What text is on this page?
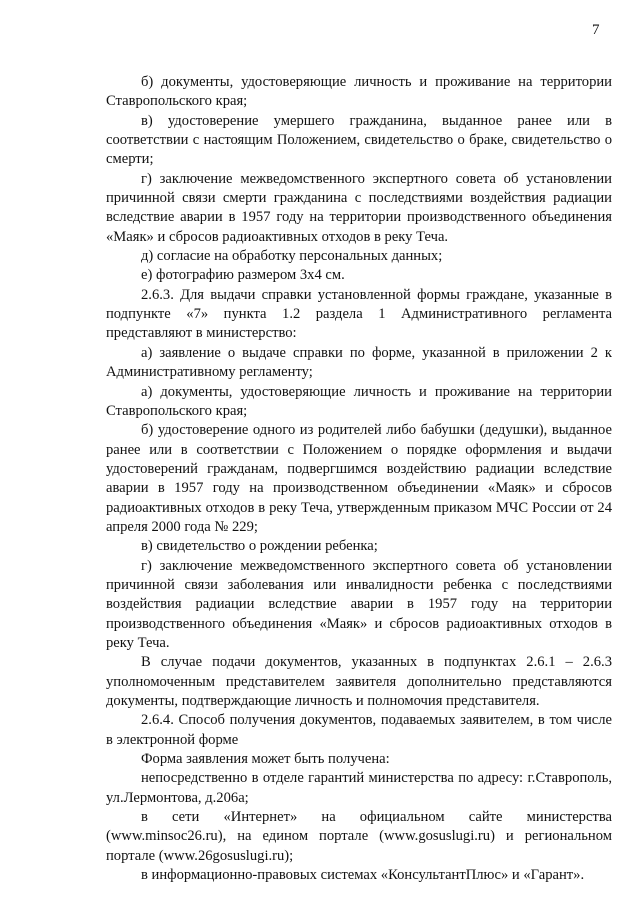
7

б) документы, удостоверяющие личность и проживание на территории Ставропольского края;

в) удостоверение умершего гражданина, выданное ранее или в соответствии с настоящим Положением, свидетельство о браке, свидетельство о смерти;

г) заключение межведомственного экспертного совета об установлении причинной связи смерти гражданина с последствиями воздействия радиации вследствие аварии в 1957 году на территории производственного объединения «Маяк» и сбросов радиоактивных отходов в реку Теча.

д) согласие на обработку персональных данных;

е) фотографию размером 3х4 см.

2.6.3. Для выдачи справки установленной формы граждане, указанные в подпункте «7» пункта 1.2 раздела 1 Административного регламента представляют в министерство:

а) заявление о выдаче справки по форме, указанной в приложении 2 к Административному регламенту;

а) документы, удостоверяющие личность и проживание на территории Ставропольского края;

б) удостоверение одного из родителей либо бабушки (дедушки), выданное ранее или в соответствии с Положением о порядке оформления и выдачи удостоверений гражданам, подвергшимся воздействию радиации вследствие аварии в 1957 году на производственном объединении «Маяк» и сбросов радиоактивных отходов в реку Теча, утвержденным приказом МЧС России от 24 апреля 2000 года № 229;

в) свидетельство о рождении ребенка;

г) заключение межведомственного экспертного совета об установлении причинной связи заболевания или инвалидности ребенка с последствиями воздействия радиации вследствие аварии в 1957 году на территории производственного объединения «Маяк» и сбросов радиоактивных отходов в реку Теча.

В случае подачи документов, указанных в подпунктах 2.6.1 – 2.6.3 уполномоченным представителем заявителя дополнительно представляются документы, подтверждающие личность и полномочия представителя.

2.6.4. Способ получения документов, подаваемых заявителем, в том числе в электронной форме

Форма заявления может быть получена:

непосредственно в отделе гарантий министерства по адресу: г.Ставрополь, ул.Лермонтова, д.206а;

в сети «Интернет» на официальном сайте министерства (www.minsoc26.ru), на едином портале (www.gosuslugi.ru) и региональном портале (www.26gosuslugi.ru);

в информационно-правовых системах «КонсультантПлюс» и «Гарант».
